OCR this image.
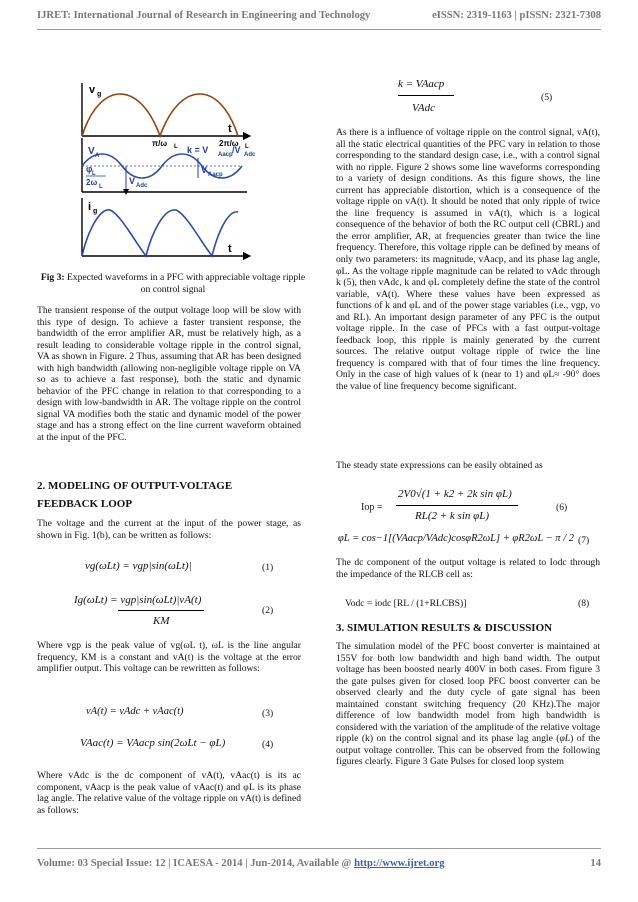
IJRET: International Journal of Research in Engineering and Technology	eISSN: 2319-1163 | pISSN: 2321-7308
v g
t
π/ω L	2π/ω L
V A
k = V Aacp /V Adc
φ L
2ω L
V Adc
V Aacp
i g
t
Fig 3: Expected waveforms in a PFC with appreciable voltage ripple on control signal

The transient response of the output voltage loop will be slow with this type of design. To achieve a faster transient response, the bandwidth of the error amplifier AR, must be relatively high, as a result leading to considerable voltage ripple in the control signal, VA as shown in Figure. 2 Thus, assuming that AR has been designed with high bandwidth (allowing non-negligible voltage ripple on VA so as to achieve a fast response), both the static and dynamic behavior of the PFC change in relation to that corresponding to a design with low-bandwidth in AR. The voltage ripple on the control signal VA modifies both the static and dynamic model of the power stage and has a strong effect on the line current waveform obtained at the input of the PFC.

2. MODELING OF OUTPUT-VOLTAGE
FEEDBACK LOOP

The voltage and the current at the input of the power stage, as shown in Fig. 1(b), can be written as follows:

vg(ωLt) = vgp|sin(ωLt)|	(1)
Ig(ωLt) = vgp|sin(ωLt)|vA(t)
KM
(2)

Where vgp is the peak value of vg(ωL t), ωL is the line angular frequency, KM is a constant and vA(t) is the voltage at the error amplifier output. This voltage can be rewritten as follows:

vA(t) = vAdc + vAac(t)	(3)
VAac(t) = VAacp sin(2ωLt − φL)	(4)

Where vAdc is the dc component of vA(t), vAac(t) is its ac component, vAacp is the peak value of vAac(t) and φL is its phase lag angle. The relative value of the voltage ripple on vA(t) is defined as follows:

k = VAacp
VAdc
(5)

As there is a influence of voltage ripple on the control signal, vA(t), all the static electrical quantities of the PFC vary in relation to those corresponding to the standard design case, i.e., with a control signal with no ripple. Figure 2 shows some line waveforms corresponding to a variety of design conditions. As this figure shows, the line current has appreciable distortion, which is a consequence of the voltage ripple on vA(t). It should be noted that only ripple of twice the line frequency is assumed in vA(t), which is a logical consequence of the behavior of both the RC output cell (CBRL) and the error amplifier, AR, at frequencies greater than twice the line frequency. Therefore, this voltage ripple can be defined by means of only two parameters: its magnitude, vAacp, and its phase lag angle, φL. As the voltage ripple magnitude can be related to vAdc through k (5), then vAdc, k and φL completely define the state of the control variable, vA(t). Where these values have been expressed as functions of k and φL and of the power stage variables (i.e., vgp, vo and RL). An important design parameter of any PFC is the output voltage ripple. In the case of PFCs with a fast output-voltage feedback loop, this ripple is mainly generated by the current sources. The relative output voltage ripple of twice the line frequency is compared with that of four times the line frequency. Only in the case of high values of k (near to 1) and φL≈ -90° does the value of line frequency become significant.

The steady state expressions can be easily obtained as

Iop =
2V0√(1 + k2 + 2k sin φL)
RL(2 + k sin φL)
(6)
φL = cos−1[(VAacp/VAdc)cosφR2ωL] + φR2ωL − π / 2 (7)

The dc component of the output voltage is related to Iodc through the impedance of the RLCB cell as:

Vodc = iodc [RL / (1+RLCBS)]	(8)
3. SIMULATION RESULTS & DISCUSSION

The simulation model of the PFC boost converter is maintained at 155V for both low bandwidth and high band width. The output voltage has been boosted nearly 400V in both cases. From figure 3 the gate pulses given for closed loop PFC boost converter can be observed clearly and the duty cycle of gate signal has been maintained constant switching frequency (20 KHz).The major difference of low bandwidth model from high bandwidth is considered with the variation of the amplitude of the relative voltage ripple (k) on the control signal and its phase lag angle (φL) of the output voltage controller. This can be observed from the following figures clearly. Figure 3 Gate Pulses for closed loop system

Volume: 03 Special Issue: 12 | ICAESA - 2014 | Jun-2014, Available @ http://www.ijret.org	14
